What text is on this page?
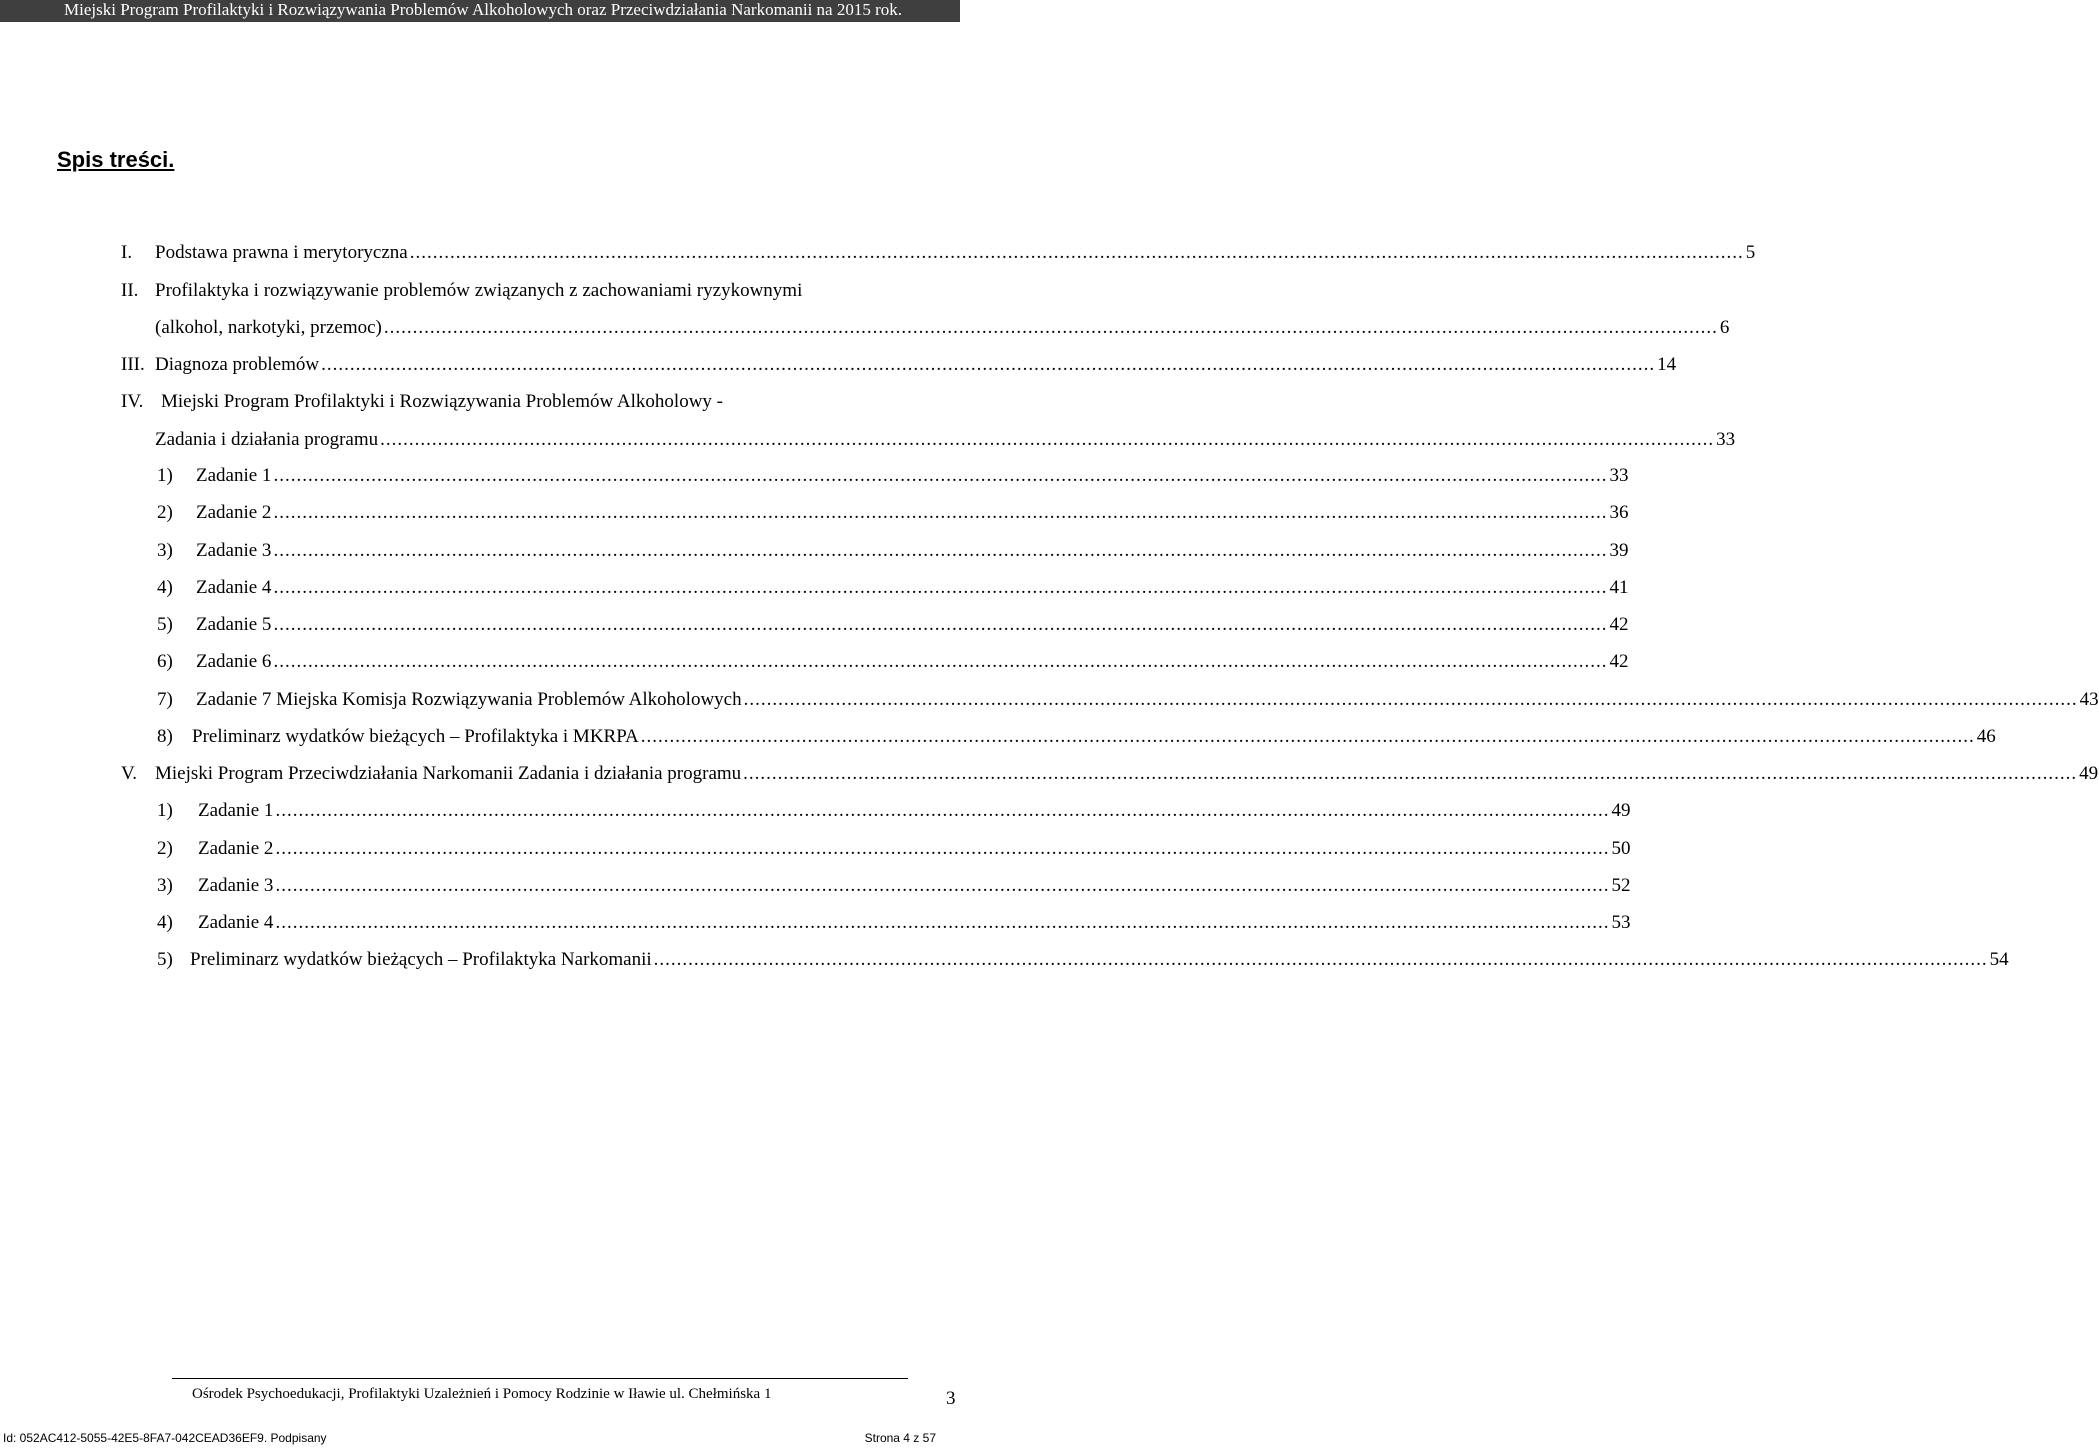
Miejski Program Profilaktyki i Rozwiązywania Problemów Alkoholowych oraz Przeciwdziałania Narkomanii na 2015 rok.
Spis treści.
I. Podstawa prawna i merytoryczna ........................................................................................................................................................................................................................................ 5
II. Profilaktyka i rozwiązywanie problemów związanych z zachowaniami ryzykownymi
(alkohol, narkotyki, przemoc) ........................................................................................................................................................................................................................................ 6
III. Diagnoza problemów ........................................................................................................................................................................................................................................ 14
IV. Miejski Program Profilaktyki i Rozwiązywania Problemów Alkoholowy -
Zadania i działania programu ........................................................................................................................................................................................................................................ 33
1) Zadanie 1 ........................................................................................................................................................................................................................................ 33
2) Zadanie 2 ........................................................................................................................................................................................................................................ 36
3) Zadanie 3 ........................................................................................................................................................................................................................................ 39
4) Zadanie 4 ........................................................................................................................................................................................................................................ 41
5) Zadanie 5 ........................................................................................................................................................................................................................................ 42
6) Zadanie 6 ........................................................................................................................................................................................................................................ 42
7) Zadanie 7 Miejska Komisja Rozwiązywania Problemów Alkoholowych ........................................................................................................................................................................................................................................ 43
8) Preliminarz wydatków bieżących – Profilaktyka i MKRPA ........................................................................................................................................................................................................................................ 46
V. Miejski Program Przeciwdziałania Narkomanii Zadania i działania programu ........................................................................................................................................................................................................................................ 49
1) Zadanie 1 ........................................................................................................................................................................................................................................ 49
2) Zadanie 2 ........................................................................................................................................................................................................................................ 50
3) Zadanie 3 ........................................................................................................................................................................................................................................ 52
4) Zadanie 4 ........................................................................................................................................................................................................................................ 53
5) Preliminarz wydatków bieżących – Profilaktyka Narkomanii ........................................................................................................................................................................................................................................ 54
Ośrodek Psychoedukacji, Profilaktyki Uzależnień i Pomocy Rodzinie w Iławie ul. Chełmińska 1	3
Id: 052AC412-5055-42E5-8FA7-042CEAD36EF9. Podpisany	Strona 4 z 57
